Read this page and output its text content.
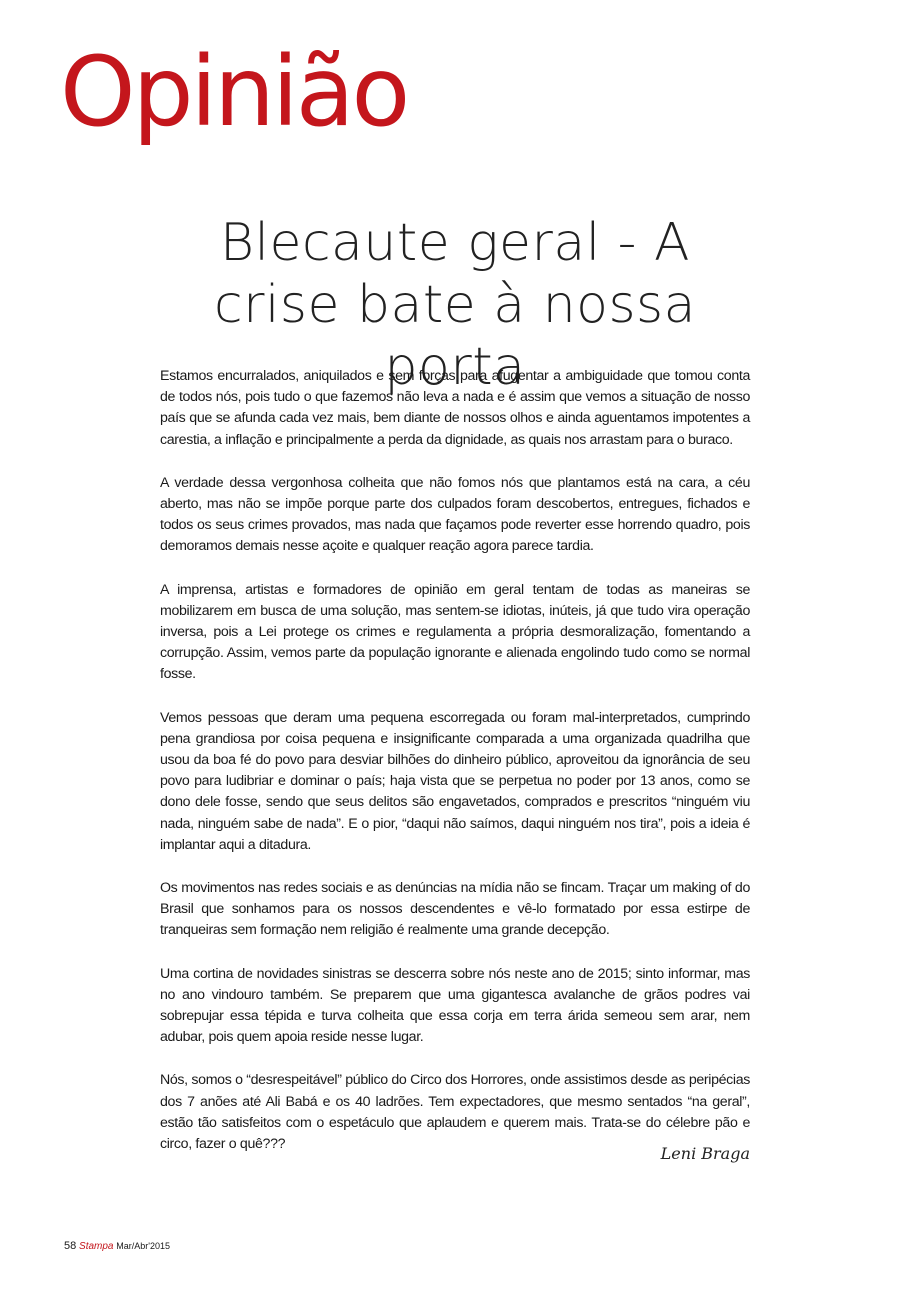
Opinião
Blecaute geral - A crise bate à nossa porta

Estamos encurralados, aniquilados e sem forças para afugentar a ambiguidade que tomou conta de todos nós, pois tudo o que fazemos não leva a nada e é assim que vemos a situação de nosso país que se afunda cada vez mais, bem diante de nossos olhos e ainda aguentamos impotentes a carestia, a inflação e principalmente a perda da dignidade, as quais nos arrastam para o buraco.

A verdade dessa vergonhosa colheita que não fomos nós que plantamos está na cara, a céu aberto, mas não se impõe porque parte dos culpados foram descobertos, entregues, fichados e todos os seus crimes provados, mas nada que façamos pode reverter esse horrendo quadro, pois demoramos demais nesse açoite e qualquer reação agora parece tardia.

A imprensa, artistas e formadores de opinião em geral tentam de todas as maneiras se mobilizarem em busca de uma solução, mas sentem-se idiotas, inúteis, já que tudo vira operação inversa, pois a Lei protege os crimes e regulamenta a própria desmoralização, fomentando a corrupção. Assim, vemos parte da população ignorante e alienada engolindo tudo como se normal fosse.

Vemos pessoas que deram uma pequena escorregada ou foram mal-interpretados, cumprindo pena grandiosa por coisa pequena e insignificante comparada a uma organizada quadrilha que usou da boa fé do povo para desviar bilhões do dinheiro público, aproveitou da ignorância de seu povo para ludibriar e dominar o país; haja vista que se perpetua no poder por 13 anos, como se dono dele fosse, sendo que seus delitos são engavetados, comprados e prescritos “ninguém viu nada, ninguém sabe de nada”. E o pior, “daqui não saímos, daqui ninguém nos tira”, pois a ideia é implantar aqui a ditadura.

Os movimentos nas redes sociais e as denúncias na mídia não se fincam. Traçar um making of do Brasil que sonhamos para os nossos descendentes e vê-lo formatado por essa estirpe de tranqueiras sem formação nem religião é realmente uma grande decepção.

Uma cortina de novidades sinistras se descerra sobre nós neste ano de 2015; sinto informar, mas no ano vindouro também. Se preparem que uma gigantesca avalanche de grãos podres vai sobrepujar essa tépida e turva colheita que essa corja em terra árida semeou sem arar, nem adubar, pois quem apoia reside nesse lugar.

Nós, somos o “desrespeitável” público do Circo dos Horrores, onde assistimos desde as peripécias dos 7 anões até Ali Babá e os 40 ladrões. Tem expectadores, que mesmo sentados “na geral”, estão tão satisfeitos com o espetáculo que aplaudem e querem mais. Trata-se do célebre pão e circo, fazer o quê???	Leni Braga

58 Stampa Mar/Abr'2015
